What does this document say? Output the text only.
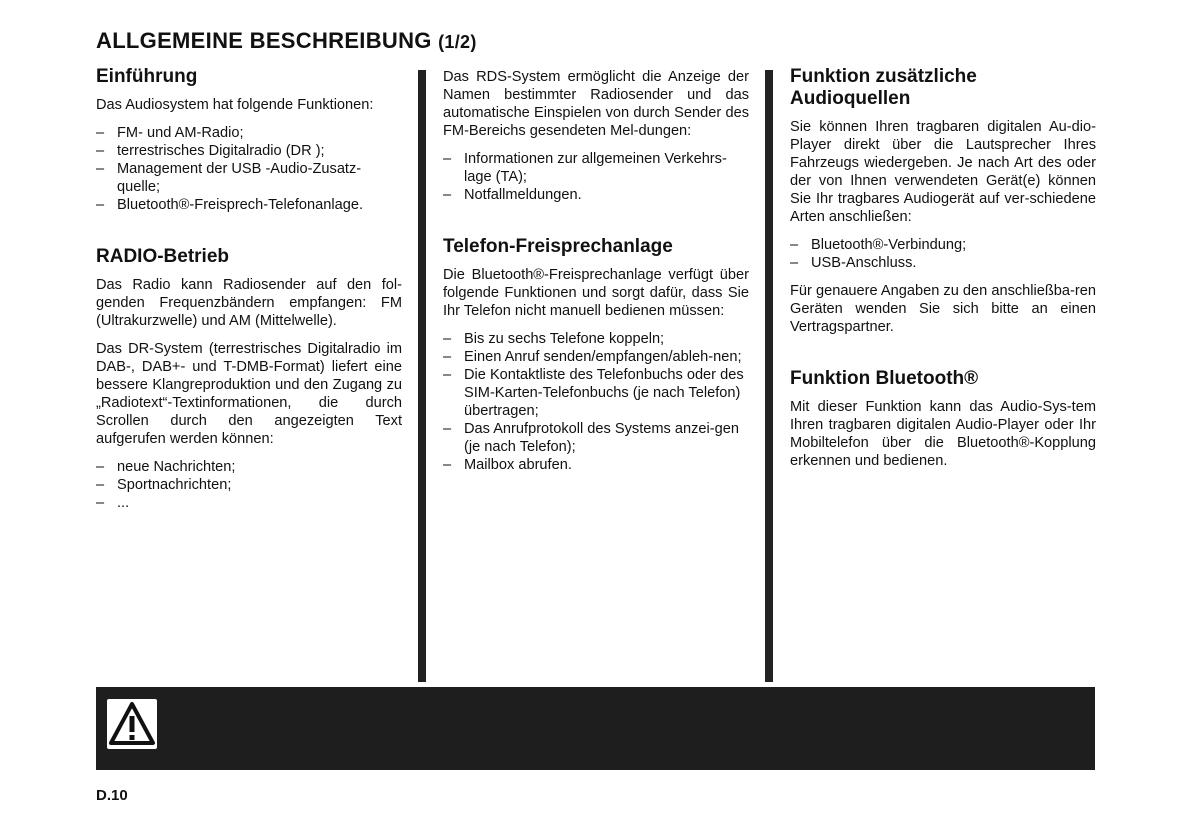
ALLGEMEINE BESCHREIBUNG (1/2)
Einführung

Das Audiosystem hat folgende Funktionen:

– FM- und AM-Radio;
– terrestrisches Digitalradio (DR );
– Management der USB -Audio-Zusatz-quelle;
– Bluetooth®-Freisprech-Telefonanlage.
RADIO-Betrieb

Das Radio kann Radiosender auf den fol-genden Frequenzbändern empfangen: FM (Ultrakurzwelle) und AM (Mittelwelle).

Das DR-System (terrestrisches Digitalradio im DAB-, DAB+- und T-DMB-Format) liefert eine bessere Klangreproduktion und den Zugang zu „Radiotext“-Textinformationen, die durch Scrollen durch den angezeigten Text aufgerufen werden können:

– neue Nachrichten;
– Sportnachrichten;
– ...

Das RDS-System ermöglicht die Anzeige der Namen bestimmter Radiosender und das automatische Einspielen von durch Sender des FM-Bereichs gesendeten Mel-dungen:

– Informationen zur allgemeinen Verkehrs-lage (TA);
– Notfallmeldungen.
Telefon-Freisprechanlage

Die Bluetooth®-Freisprechanlage verfügt über folgende Funktionen und sorgt dafür, dass Sie Ihr Telefon nicht manuell bedienen müssen:

– Bis zu sechs Telefone koppeln;
– Einen Anruf senden/empfangen/ableh-nen;
– Die Kontaktliste des Telefonbuchs oder des SIM-Karten-Telefonbuchs (je nach Telefon) übertragen;
– Das Anrufprotokoll des Systems anzei-gen (je nach Telefon);
– Mailbox abrufen.
Funktion zusätzliche Audioquellen

Sie können Ihren tragbaren digitalen Au-dio-Player direkt über die Lautsprecher Ihres Fahrzeugs wiedergeben. Je nach Art des oder der von Ihnen verwendeten Gerät(e) können Sie Ihr tragbares Audiogerät auf ver-schiedene Arten anschließen:

– Bluetooth®-Verbindung;
– USB-Anschluss.

Für genauere Angaben zu den anschließba-ren Geräten wenden Sie sich bitte an einen Vertragspartner.

Funktion Bluetooth®

Mit dieser Funktion kann das Audio-Sys-tem Ihren tragbaren digitalen Audio-Player oder Ihr Mobiltelefon über die Bluetooth®-Kopplung erkennen und bedienen.

D.10
